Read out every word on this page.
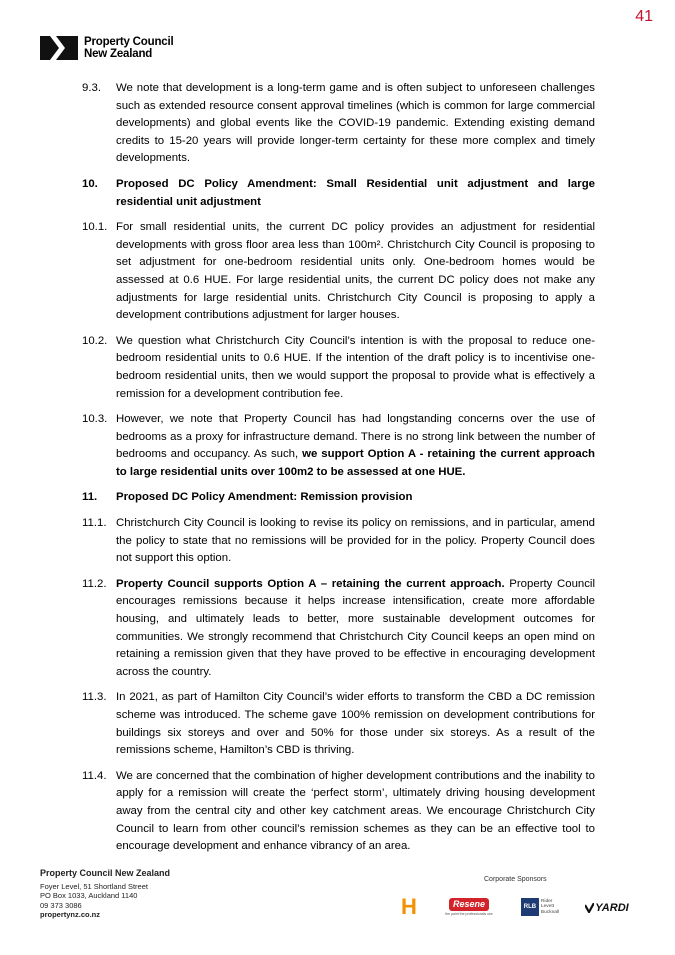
41
Property Council
New Zealand
9.3.	We note that development is a long-term game and is often subject to unforeseen challenges such as extended resource consent approval timelines (which is common for large commercial developments) and global events like the COVID-19 pandemic. Extending existing demand credits to 15-20 years will provide longer-term certainty for these more complex and timely developments.
10.	Proposed DC Policy Amendment: Small Residential unit adjustment and large residential unit adjustment
10.1. For small residential units, the current DC policy provides an adjustment for residential developments with gross floor area less than 100m². Christchurch City Council is proposing to set adjustment for one-bedroom residential units only. One-bedroom homes would be assessed at 0.6 HUE. For large residential units, the current DC policy does not make any adjustments for large residential units. Christchurch City Council is proposing to apply a development contributions adjustment for larger houses.
10.2. We question what Christchurch City Council’s intention is with the proposal to reduce one-bedroom residential units to 0.6 HUE. If the intention of the draft policy is to incentivise one-bedroom residential units, then we would support the proposal to provide what is effectively a remission for a development contribution fee.
10.3. However, we note that Property Council has had longstanding concerns over the use of bedrooms as a proxy for infrastructure demand. There is no strong link between the number of bedrooms and occupancy. As such, we support Option A - retaining the current approach to large residential units over 100m2 to be assessed at one HUE.
11.	Proposed DC Policy Amendment: Remission provision
11.1. Christchurch City Council is looking to revise its policy on remissions, and in particular, amend the policy to state that no remissions will be provided for in the policy. Property Council does not support this option.
11.2. Property Council supports Option A – retaining the current approach. Property Council encourages remissions because it helps increase intensification, create more affordable housing, and ultimately leads to better, more sustainable development outcomes for communities. We strongly recommend that Christchurch City Council keeps an open mind on retaining a remission given that they have proved to be effective in encouraging development across the country.
11.3. In 2021, as part of Hamilton City Council’s wider efforts to transform the CBD a DC remission scheme was introduced. The scheme gave 100% remission on development contributions for buildings six storeys and over and 50% for those under six storeys. As a result of the remissions scheme, Hamilton’s CBD is thriving.
11.4. We are concerned that the combination of higher development contributions and the inability to apply for a remission will create the ‘perfect storm’, ultimately driving housing development away from the central city and other key catchment areas. We encourage Christchurch City Council to learn from other council’s remission schemes as they can be an effective tool to encourage development and enhance vibrancy of an area.
Property Council New Zealand
Foyer Level, 51 Shortland Street
PO Box 1033, Auckland 1140
09 373 3086
propertynz.co.nz
Corporate Sponsors
H	Resene
the paint the professionals use
RLB
Rider
Levett
Bucknall	YARDI
